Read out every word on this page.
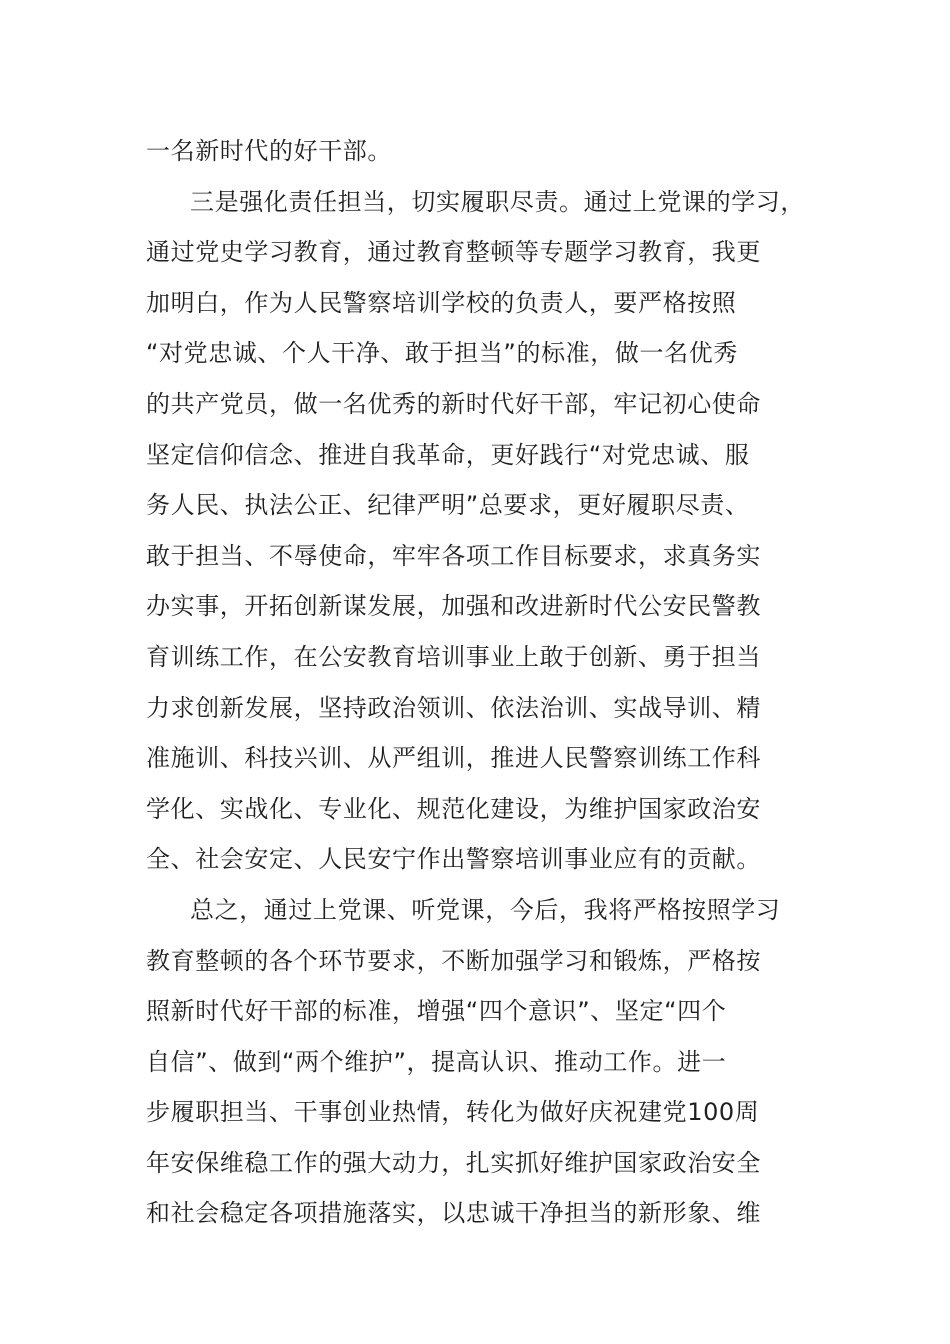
一名新时代的好干部。
三是强化责任担当，切实履职尽责。通过上党课的学习，
通过党史学习教育，通过教育整顿等专题学习教育，我更
加明白，作为人民警察培训学校的负责人，要严格按照
“对党忠诚、个人干净、敢于担当”的标准，做一名优秀
的共产党员，做一名优秀的新时代好干部，牢记初心使命
坚定信仰信念、推进自我革命，更好践行“对党忠诚、服
务人民、执法公正、纪律严明”总要求，更好履职尽责、
敢于担当、不辱使命，牢牢各项工作目标要求，求真务实
办实事，开拓创新谋发展，加强和改进新时代公安民警教
育训练工作，在公安教育培训事业上敢于创新、勇于担当
力求创新发展，坚持政治领训、依法治训、实战导训、精
准施训、科技兴训、从严组训，推进人民警察训练工作科
学化、实战化、专业化、规范化建设，为维护国家政治安
全、社会安定、人民安宁作出警察培训事业应有的贡献。
总之，通过上党课、听党课，今后，我将严格按照学习
教育整顿的各个环节要求，不断加强学习和锻炼，严格按
照新时代好干部的标准，增强“四个意识”、坚定“四个
自信”、做到“两个维护”，提高认识、推动工作。进一
步履职担当、干事创业热情，转化为做好庆祝建党100周
年安保维稳工作的强大动力，扎实抓好维护国家政治安全
和社会稳定各项措施落实，以忠诚干净担当的新形象、维
